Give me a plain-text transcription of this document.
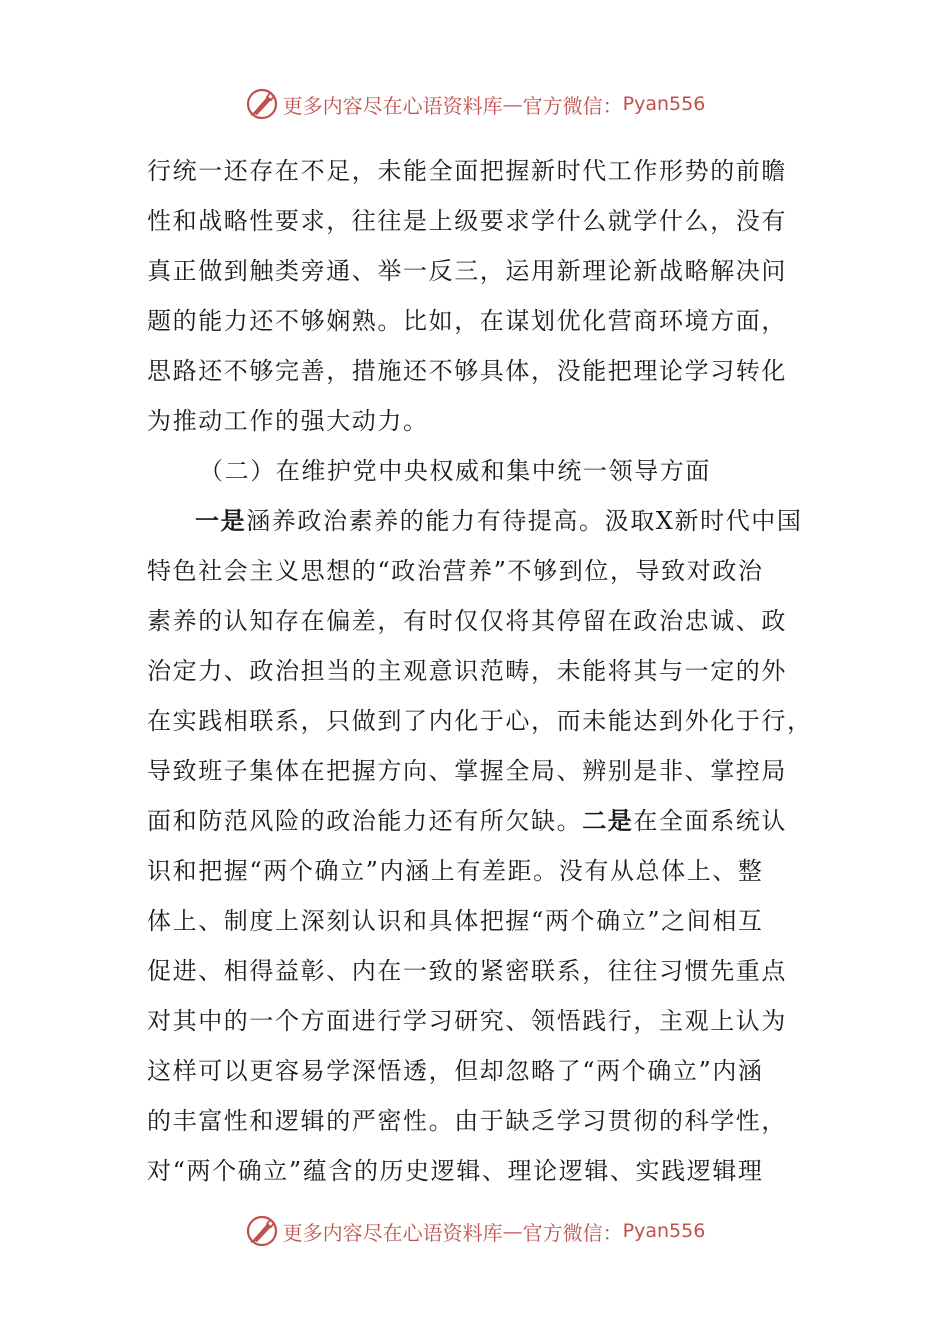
更多内容尽在心语资料库 — 官方微信： Pyan556
行统一还存在不足，未能全面把握新时代工作形势的前瞻
性和战略性要求，往往是上级要求学什么就学什么，没有
真正做到触类旁通、举一反三，运用新理论新战略解决问
题的能力还不够娴熟。比如，在谋划优化营商环境方面，
思路还不够完善，措施还不够具体，没能把理论学习转化
为推动工作的强大动力。
（二）在维护党中央权威和集中统一领导方面
一是涵养政治素养的能力有待提高。汲取X新时代中国
特色社会主义思想的“政治营养”不够到位，导致对政治
素养的认知存在偏差，有时仅仅将其停留在政治忠诚、政
治定力、政治担当的主观意识范畴，未能将其与一定的外
在实践相联系，只做到了内化于心，而未能达到外化于行，
导致班子集体在把握方向、掌握全局、辨别是非、掌控局
面和防范风险的政治能力还有所欠缺。二是在全面系统认
识和把握“两个确立”内涵上有差距。没有从总体上、整
体上、制度上深刻认识和具体把握“两个确立”之间相互
促进、相得益彰、内在一致的紧密联系，往往习惯先重点
对其中的一个方面进行学习研究、领悟践行，主观上认为
这样可以更容易学深悟透，但却忽略了“两个确立”内涵
的丰富性和逻辑的严密性。由于缺乏学习贯彻的科学性，
对“两个确立”蕴含的历史逻辑、理论逻辑、实践逻辑理
更多内容尽在心语资料库 — 官方微信： Pyan556
